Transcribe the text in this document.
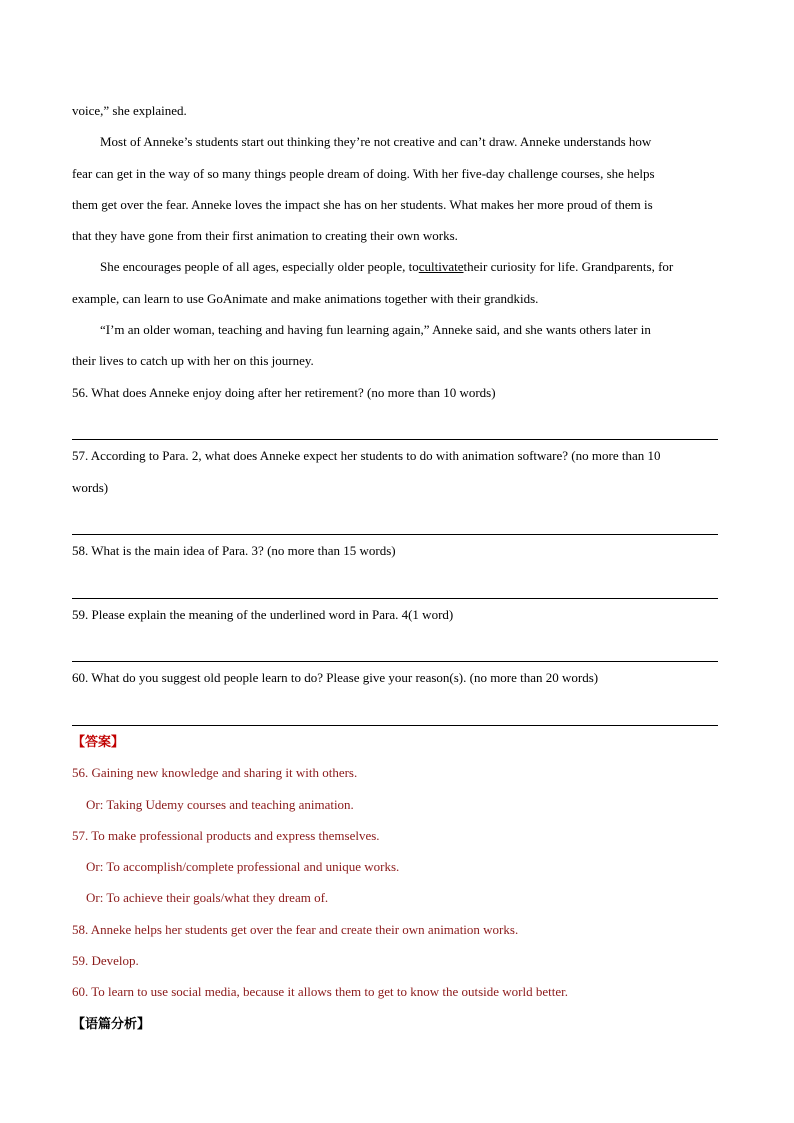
voice,” she explained.
Most of Anneke’s students start out thinking they’re not creative and can’t draw. Anneke understands how
fear can get in the way of so many things people dream of doing. With her five-day challenge courses, she helps
them get over the fear. Anneke loves the impact she has on her students. What makes her more proud of them is
that they have gone from their first animation to creating their own works.
She encourages people of all ages, especially older people, tocultivatetheir curiosity for life. Grandparents, for
example, can learn to use GoAnimate and make animations together with their grandkids.
“I’m an older woman, teaching and having fun learning again,” Anneke said, and she wants others later in
their lives to catch up with her on this journey.
56. What does Anneke enjoy doing after her retirement? (no more than 10 words)
57. According to Para. 2, what does Anneke expect her students to do with animation software? (no more than 10
words)
58. What is the main idea of Para. 3? (no more than 15 words)
59. Please explain the meaning of the underlined word in Para. 4(1 word)
60. What do you suggest old people learn to do? Please give your reason(s). (no more than 20 words)
【答案】
56. Gaining new knowledge and sharing it with others.
Or: Taking Udemy courses and teaching animation.
57. To make professional products and express themselves.
Or: To accomplish/complete professional and unique works.
Or: To achieve their goals/what they dream of.
58. Anneke helps her students get over the fear and create their own animation works.
59. Develop.
60. To learn to use social media, because it allows them to get to know the outside world better.
【语篇分析】
